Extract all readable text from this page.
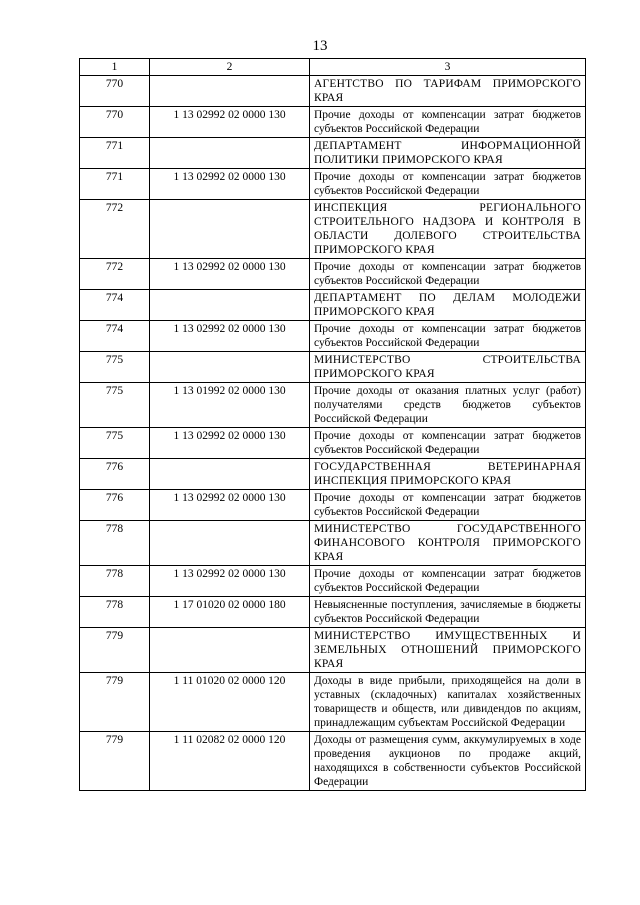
13
1	2	3
770		АГЕНТСТВО ПО ТАРИФАМ ПРИМОРСКОГО КРАЯ
770	1 13 02992 02 0000 130	Прочие доходы от компенсации затрат бюджетов субъектов Российской Федерации
771		ДЕПАРТАМЕНТ ИНФОРМАЦИОННОЙ ПОЛИТИКИ ПРИМОРСКОГО КРАЯ
771	1 13 02992 02 0000 130	Прочие доходы от компенсации затрат бюджетов субъектов Российской Федерации
772		ИНСПЕКЦИЯ РЕГИОНАЛЬНОГО СТРОИТЕЛЬНОГО НАДЗОРА И КОНТРОЛЯ В ОБЛАСТИ ДОЛЕВОГО СТРОИТЕЛЬСТВА ПРИМОРСКОГО КРАЯ
772	1 13 02992 02 0000 130	Прочие доходы от компенсации затрат бюджетов субъектов Российской Федерации
774		ДЕПАРТАМЕНТ ПО ДЕЛАМ МОЛОДЕЖИ ПРИМОРСКОГО КРАЯ
774	1 13 02992 02 0000 130	Прочие доходы от компенсации затрат бюджетов субъектов Российской Федерации
775		МИНИСТЕРСТВО СТРОИТЕЛЬСТВА ПРИМОРСКОГО КРАЯ
775	1 13 01992 02 0000 130	Прочие доходы от оказания платных услуг (работ) получателями средств бюджетов субъектов Российской Федерации
775	1 13 02992 02 0000 130	Прочие доходы от компенсации затрат бюджетов субъектов Российской Федерации
776		ГОСУДАРСТВЕННАЯ ВЕТЕРИНАРНАЯ ИНСПЕКЦИЯ ПРИМОРСКОГО КРАЯ
776	1 13 02992 02 0000 130	Прочие доходы от компенсации затрат бюджетов субъектов Российской Федерации
778		МИНИСТЕРСТВО ГОСУДАРСТВЕННОГО ФИНАНСОВОГО КОНТРОЛЯ ПРИМОРСКОГО КРАЯ
778	1 13 02992 02 0000 130	Прочие доходы от компенсации затрат бюджетов субъектов Российской Федерации
778	1 17 01020 02 0000 180	Невыясненные поступления, зачисляемые в бюджеты субъектов Российской Федерации
779		МИНИСТЕРСТВО ИМУЩЕСТВЕННЫХ И ЗЕМЕЛЬНЫХ ОТНОШЕНИЙ ПРИМОРСКОГО КРАЯ
779	1 11 01020 02 0000 120	Доходы в виде прибыли, приходящейся на доли в уставных (складочных) капиталах хозяйственных товариществ и обществ, или дивидендов по акциям, принадлежащим субъектам Российской Федерации
779	1 11 02082 02 0000 120	Доходы от размещения сумм, аккумулируемых в ходе проведения аукционов по продаже акций, находящихся в собственности субъектов Российской Федерации
